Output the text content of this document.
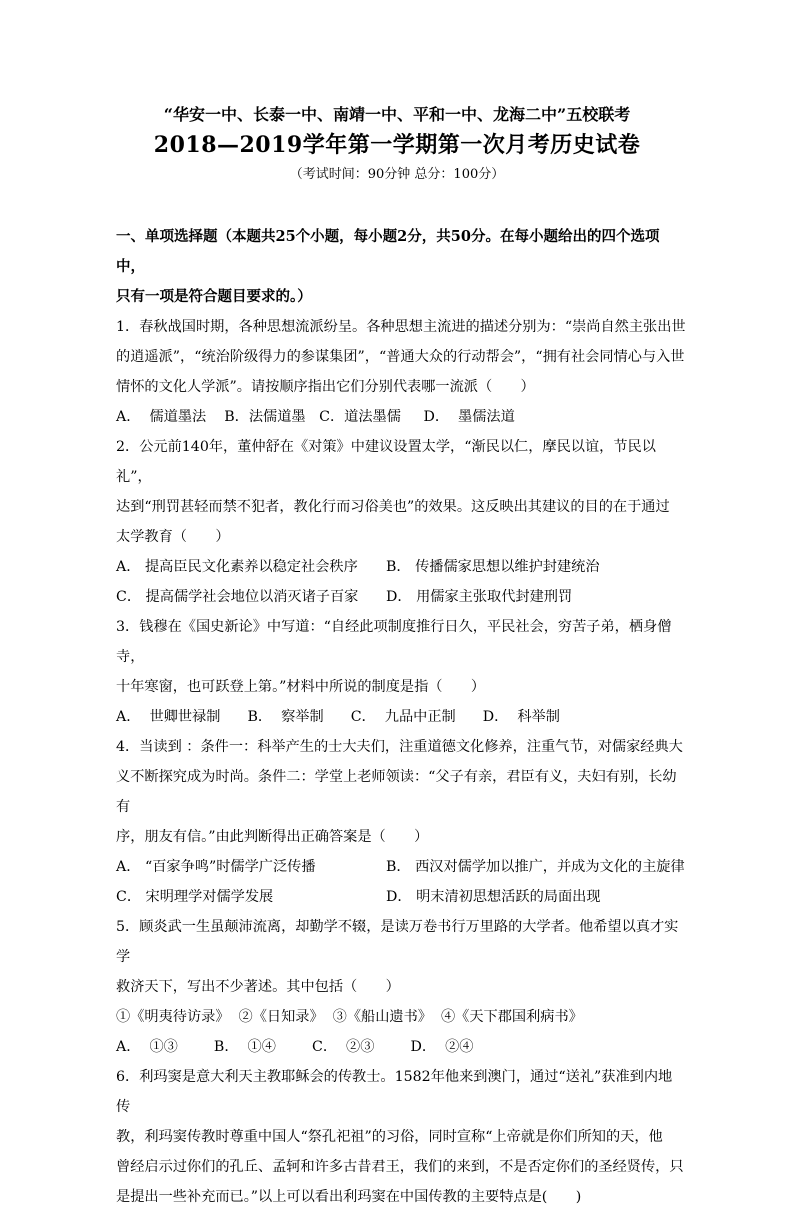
“华安一中、长泰一中、南靖一中、平和一中、龙海二中”五校联考
2018—2019学年第一学期第一次月考历史试卷
（考试时间：90分钟 总分：100分）

一、单项选择题（本题共25个小题，每小题2分，共50分。在每小题给出的四个选项中，

只有一项是符合题目要求的。）

1．春秋战国时期，各种思想流派纷呈。各种思想主流进的描述分别为：“崇尚自然主张出世

的逍遥派”，“统治阶级得力的参谋集团”，“普通大众的行动帮会”，“拥有社会同情心与入世

情怀的文化人学派”。请按顺序指出它们分别代表哪一流派（　　）

A．  儒道墨法    B．法儒道墨   C．道法墨儒     D．  墨儒法道

2．公元前140年，董仲舒在《对策》中建议设置太学，“渐民以仁，摩民以谊，节民以礼”，

达到“刑罚甚轻而禁不犯者，教化行而习俗美也”的效果。这反映出其建议的目的在于通过

太学教育（　　）

A． 提高臣民文化素养以稳定社会秩序	B． 传播儒家思想以维护封建统治
C． 提高儒学社会地位以消灭诸子百家	D． 用儒家主张取代封建刑罚

3．钱穆在《国史新论》中写道：“自经此项制度推行日久，平民社会，穷苦子弟，栖身僧寺，

十年寒窗，也可跃登上第。”材料中所说的制度是指（　　）

A．  世卿世禄制      B．  察举制      C．  九品中正制      D．  科举制

4．当读到 ：条件一：科举产生的士大夫们，注重道德文化修养，注重气节，对儒家经典大

义不断探究成为时尚。条件二：学堂上老师领读：“父子有亲，君臣有义，夫妇有别，长幼有

序，朋友有信。”由此判断得出正确答案是（　　）

A． “百家争鸣”时儒学广泛传播	B． 西汉对儒学加以推广，并成为文化的主旋律
C． 宋明理学对儒学发展	D． 明末清初思想活跃的局面出现

5．顾炎武一生虽颠沛流离，却勤学不辍，是读万卷书行万里路的大学者。他希望以真才实学

救济天下，写出不少著述。其中包括（　　）

①《明夷待访录》  ②《日知录》  ③《船山遗书》  ④《天下郡国利病书》

A．  ①③        B．  ①④        C．  ②③        D．  ②④

6．利玛窦是意大利天主教耶稣会的传教士。1582年他来到澳门，通过“送礼”获准到内地传

教，利玛窦传教时尊重中国人“祭孔祀祖”的习俗，同时宣称“上帝就是你们所知的天，他

曾经启示过你们的孔丘、孟轲和许多古昔君王，我们的来到，不是否定你们的圣经贤传，只

是提出一些补充而已。”以上可以看出利玛窦在中国传教的主要特点是(　　)
